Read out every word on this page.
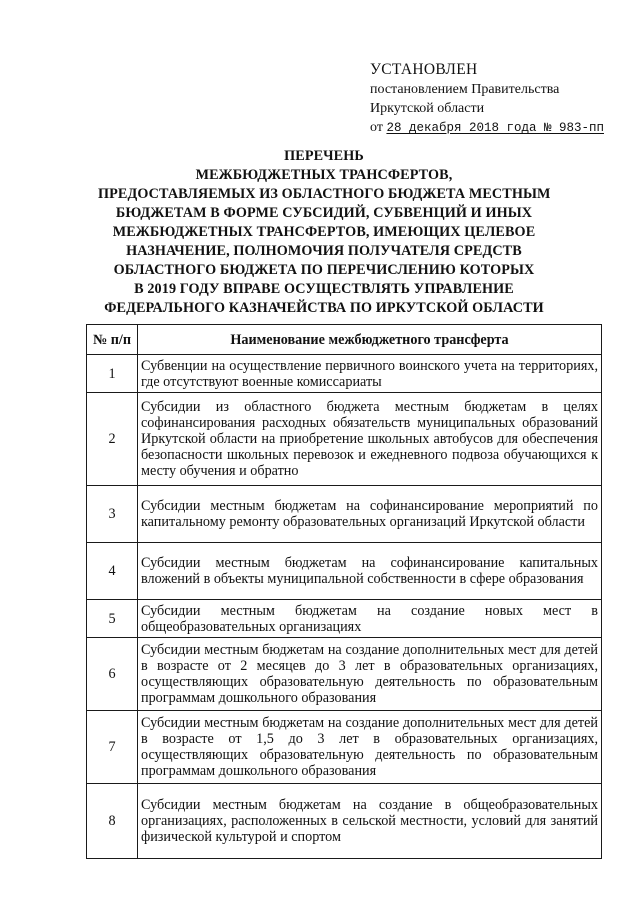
УСТАНОВЛЕН
постановлением Правительства
Иркутской области
от 28 декабря 2018 года № 983-пп
ПЕРЕЧЕНЬ
МЕЖБЮДЖЕТНЫХ ТРАНСФЕРТОВ,
ПРЕДОСТАВЛЯЕМЫХ ИЗ ОБЛАСТНОГО БЮДЖЕТА МЕСТНЫМ
БЮДЖЕТАМ В ФОРМЕ СУБСИДИЙ, СУБВЕНЦИЙ И ИНЫХ
МЕЖБЮДЖЕТНЫХ ТРАНСФЕРТОВ, ИМЕЮЩИХ ЦЕЛЕВОЕ
НАЗНАЧЕНИЕ, ПОЛНОМОЧИЯ ПОЛУЧАТЕЛЯ СРЕДСТВ
ОБЛАСТНОГО БЮДЖЕТА ПО ПЕРЕЧИСЛЕНИЮ КОТОРЫХ
В 2019 ГОДУ ВПРАВЕ ОСУЩЕСТВЛЯТЬ УПРАВЛЕНИЕ
ФЕДЕРАЛЬНОГО КАЗНАЧЕЙСТВА ПО ИРКУТСКОЙ ОБЛАСТИ
№ п/п	Наименование межбюджетного трансферта
1	Субвенции на осуществление первичного воинского учета на территориях, где отсутствуют военные комиссариаты
2	Субсидии из областного бюджета местным бюджетам в целях софинансирования расходных обязательств муниципальных образований Иркутской области на приобретение школьных автобусов для обеспечения безопасности школьных перевозок и ежедневного подвоза обучающихся к месту обучения и обратно
3	Субсидии местным бюджетам на софинансирование мероприятий по капитальному ремонту образовательных организаций Иркутской области
4	Субсидии местным бюджетам на софинансирование капитальных вложений в объекты муниципальной собственности в сфере образования
5	Субсидии местным бюджетам на создание новых мест в общеобразовательных организациях
6	Субсидии местным бюджетам на создание дополнительных мест для детей в возрасте от 2 месяцев до 3 лет в образовательных организациях, осуществляющих образовательную деятельность по образовательным программам дошкольного образования
7	Субсидии местным бюджетам на создание дополнительных мест для детей в возрасте от 1,5 до 3 лет в образовательных организациях, осуществляющих образовательную деятельность по образовательным программам дошкольного образования
8	Субсидии местным бюджетам на создание в общеобразовательных организациях, расположенных в сельской местности, условий для занятий физической культурой и спортом
